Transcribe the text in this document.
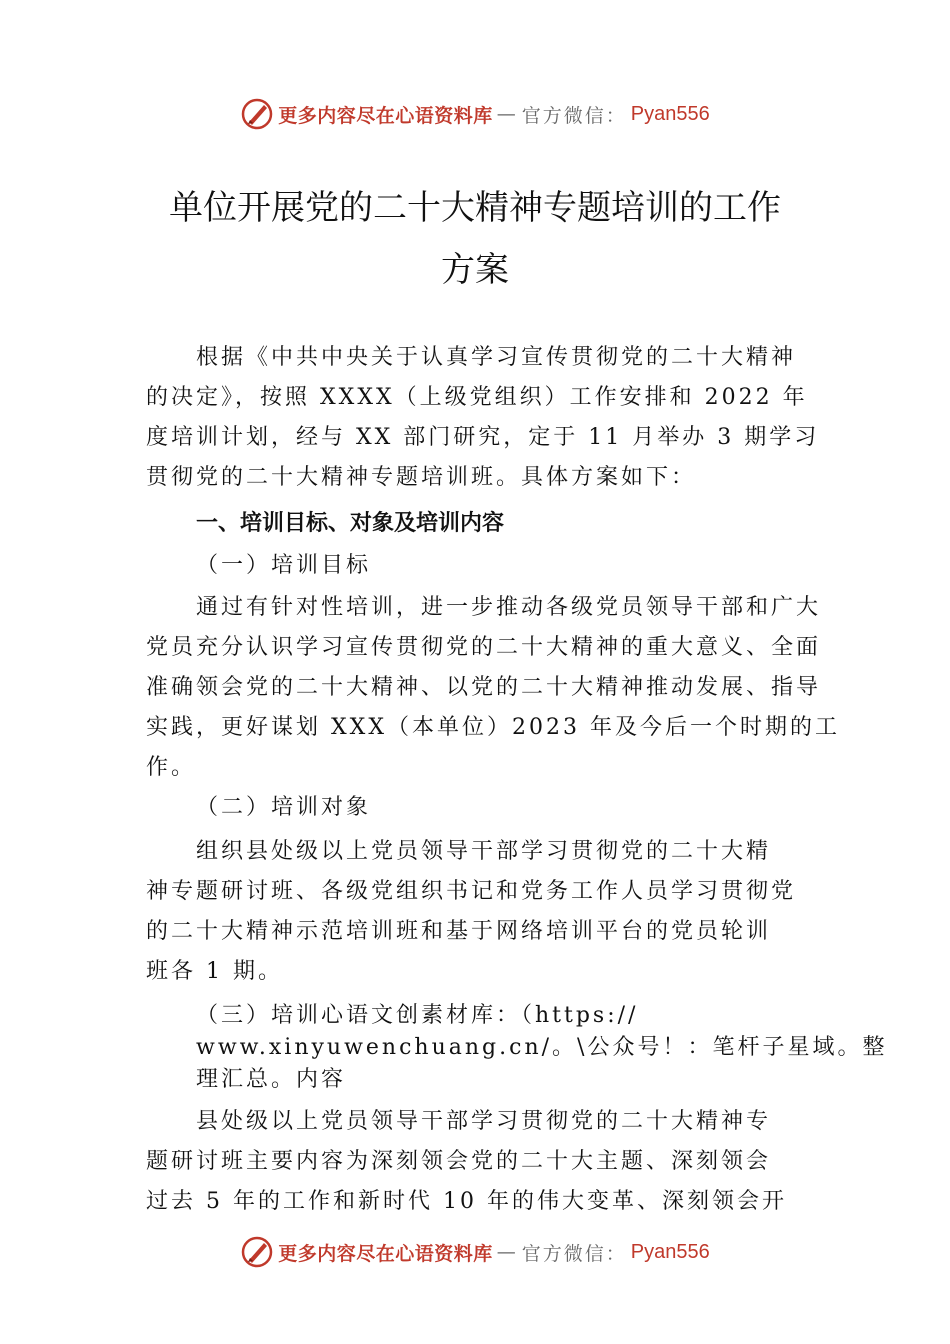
更多内容尽在心语资料库 — 官方微信： Pyan556
单位开展党的二十大精神专题培训的工作
方案
根据《中共中央关于认真学习宣传贯彻党的二十大精神
的决定》，按照 XXXX（上级党组织）工作安排和 2022 年
度培训计划，经与 XX 部门研究，定于 11 月举办 3 期学习
贯彻党的二十大精神专题培训班。具体方案如下：
一、培训目标、对象及培训内容
（一）培训目标
通过有针对性培训，进一步推动各级党员领导干部和广大
党员充分认识学习宣传贯彻党的二十大精神的重大意义、全面
准确领会党的二十大精神、以党的二十大精神推动发展、指导
实践，更好谋划 XXX（本单位）2023 年及今后一个时期的工
作。
（二）培训对象
组织县处级以上党员领导干部学习贯彻党的二十大精
神专题研讨班、各级党组织书记和党务工作人员学习贯彻党
的二十大精神示范培训班和基于网络培训平台的党员轮训
班各 1 期。
（三）培训心语文创素材库：（https://
www.xinyuwenchuang.cn/。\公众号！：笔杆子星域。整
理汇总。内容
县处级以上党员领导干部学习贯彻党的二十大精神专
题研讨班主要内容为深刻领会党的二十大主题、深刻领会
过去 5 年的工作和新时代 10 年的伟大变革、深刻领会开
更多内容尽在心语资料库 — 官方微信： Pyan556
